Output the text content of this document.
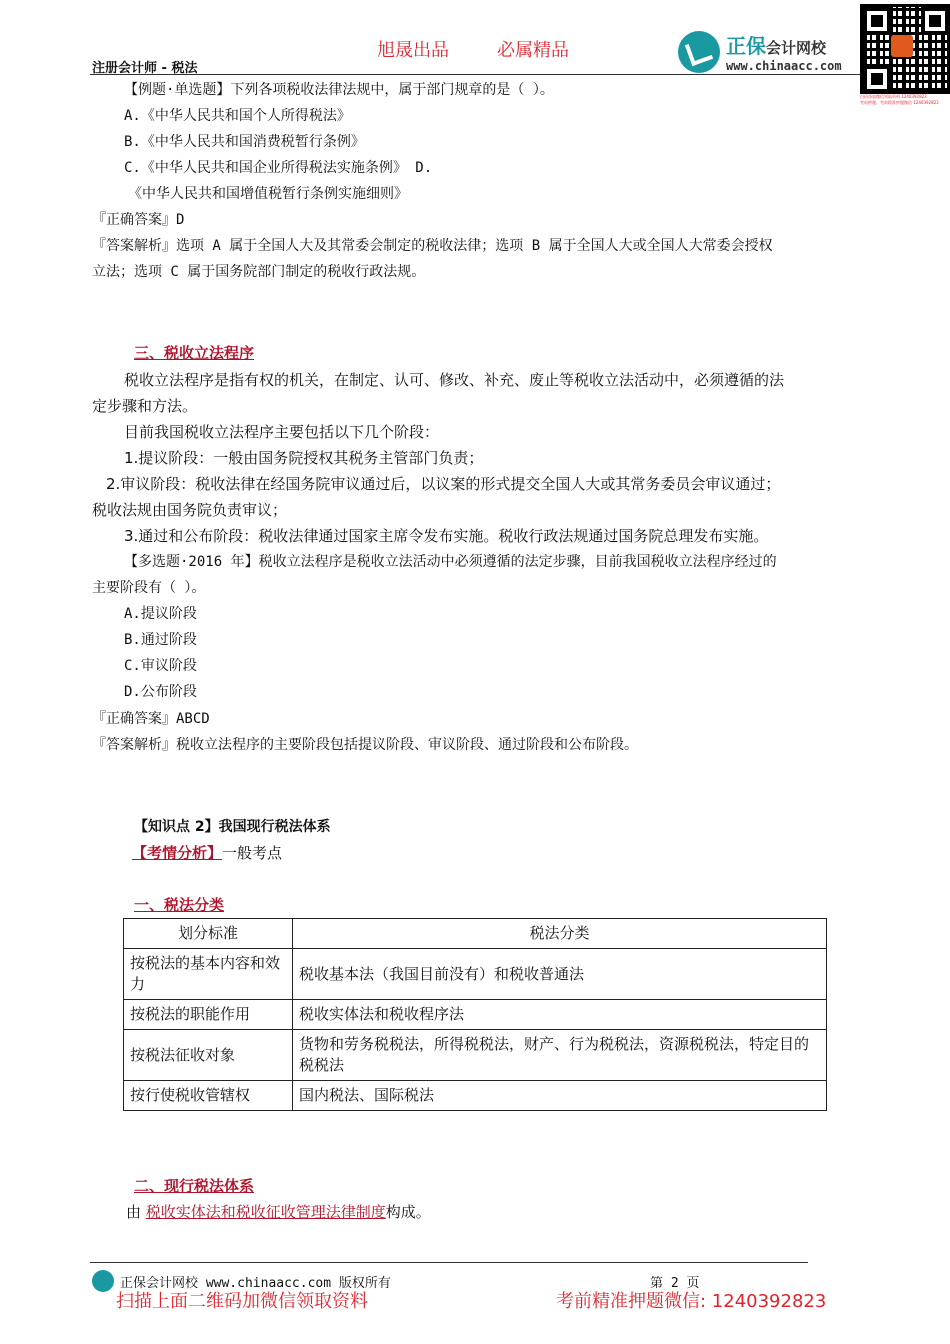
旭晟出品	必属精品
注册会计师 - 税法
正保会计网校
www.chinaacc.com
扫码添加微信领取资料 1240392823
考前押题，考前精准押题微信 1240392823
【例题·单选题】下列各项税收法律法规中，属于部门规章的是（ ）。
A.《中华人民共和国个人所得税法》
B.《中华人民共和国消费税暂行条例》
C.《中华人民共和国企业所得税法实施条例》 D.
《中华人民共和国增值税暂行条例实施细则》
『正确答案』D
『答案解析』选项 A 属于全国人大及其常委会制定的税收法律；选项 B 属于全国人大或全国人大常委会授权
立法；选项 C 属于国务院部门制定的税收行政法规。
三、税收立法程序
税收立法程序是指有权的机关，在制定、认可、修改、补充、废止等税收立法活动中，必须遵循的法
定步骤和方法。
目前我国税收立法程序主要包括以下几个阶段：
1.提议阶段：一般由国务院授权其税务主管部门负责；
2.审议阶段：税收法律在经国务院审议通过后，以议案的形式提交全国人大或其常务委员会审议通过；
税收法规由国务院负责审议；
3.通过和公布阶段：税收法律通过国家主席令发布实施。税收行政法规通过国务院总理发布实施。
【多选题·2016 年】税收立法程序是税收立法活动中必须遵循的法定步骤，目前我国税收立法程序经过的
主要阶段有（ ）。
A.提议阶段
B.通过阶段
C.审议阶段
D.公布阶段
『正确答案』ABCD
『答案解析』税收立法程序的主要阶段包括提议阶段、审议阶段、通过阶段和公布阶段。
【知识点 2】我国现行税法体系
【考情分析】一般考点
一、税法分类
划分标准	税法分类
按税法的基本内容和效力	税收基本法（我国目前没有）和税收普通法
按税法的职能作用	税收实体法和税收程序法
按税法征收对象	货物和劳务税税法，所得税税法，财产、行为税税法，资源税税法，特定目的税税法
按行使税收管辖权	国内税法、国际税法
二、现行税法体系
由 税收实体法和税收征收管理法律制度构成。
正保会计网校 www.chinaacc.com 版权所有	第 2 页
扫描上面二维码加微信领取资料	考前精准押题微信: 1240392823
